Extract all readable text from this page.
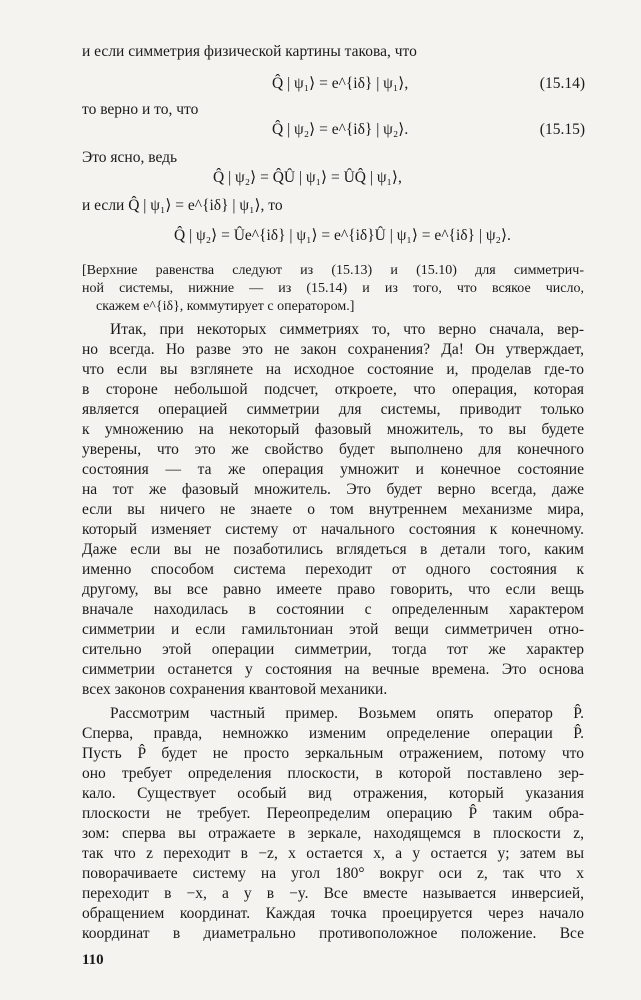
и если симметрия физической картины такова, что
Q̂ | ψ₁⟩ = e^{iδ} | ψ₁⟩,	(15.14)
то верно и то, что
Q̂ | ψ₂⟩ = e^{iδ} | ψ₂⟩.	(15.15)
Это ясно, ведь
Q̂ | ψ₂⟩ = Q̂Û | ψ₁⟩ = ÛQ̂ | ψ₁⟩,
и если Q̂ | ψ₁⟩ = e^{iδ} | ψ₁⟩, то
Q̂ | ψ₂⟩ = Ûe^{iδ} | ψ₁⟩ = e^{iδ}Û | ψ₁⟩ = e^{iδ} | ψ₂⟩.
[Верхние равенства следуют из (15.13) и (15.10) для симметрич-
ной системы, нижние — из (15.14) и из того, что всякое число,
скажем e^{iδ}, коммутирует с оператором.]
Итак, при некоторых симметриях то, что верно сначала, вер-
но всегда. Но разве это не закон сохранения? Да! Он утверждает,
что если вы взглянете на исходное состояние и, проделав где-то
в стороне небольшой подсчет, откроете, что операция, которая
является операцией симметрии для системы, приводит только
к умножению на некоторый фазовый множитель, то вы будете
уверены, что это же свойство будет выполнено для конечного
состояния — та же операция умножит и конечное состояние
на тот же фазовый множитель. Это будет верно всегда, даже
если вы ничего не знаете о том внутреннем механизме мира,
который изменяет систему от начального состояния к конечному.
Даже если вы не позаботились вглядеться в детали того, каким
именно способом система переходит от одного состояния к
другому, вы все равно имеете право говорить, что если вещь
вначале находилась в состоянии с определенным характером
симметрии и если гамильтониан этой вещи симметричен отно-
сительно этой операции симметрии, тогда тот же характер
симметрии останется у состояния на вечные времена. Это основа
всех законов сохранения квантовой механики.
Рассмотрим частный пример. Возьмем опять оператор P̂.
Сперва, правда, немножко изменим определение операции P̂.
Пусть P̂ будет не просто зеркальным отражением, потому что
оно требует определения плоскости, в которой поставлено зер-
кало. Существует особый вид отражения, который указания
плоскости не требует. Переопределим операцию P̂ таким обра-
зом: сперва вы отражаете в зеркале, находящемся в плоскости z,
так что z переходит в −z, x остается x, а y остается y; затем вы
поворачиваете систему на угол 180° вокруг оси z, так что x
переходит в −x, а y в −y. Все вместе называется инверсией,
обращением координат. Каждая точка проецируется через начало
координат в диаметрально противоположное положение. Все
110
